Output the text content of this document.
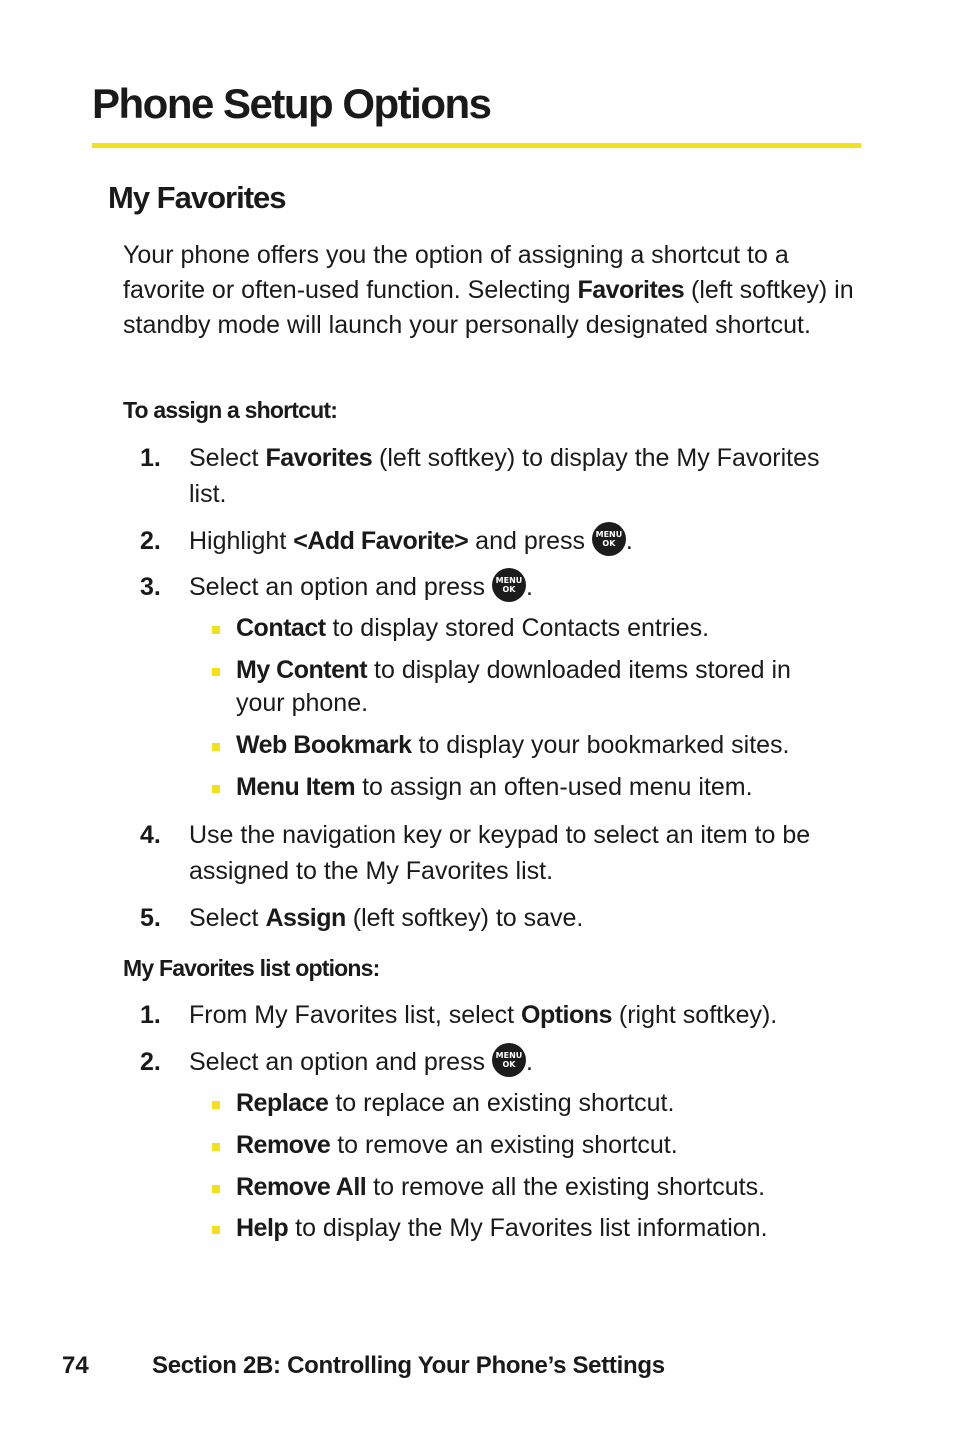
Phone Setup Options
My Favorites

Your phone offers you the option of assigning a shortcut to a favorite or often-used function. Selecting Favorites (left softkey) in standby mode will launch your personally designated shortcut.

To assign a shortcut:
1. Select Favorites (left softkey) to display the My Favorites list.
2. Highlight <Add Favorite> and press MENU
OK .
3. Select an option and press MENU
OK .
Contact to display stored Contacts entries.
My Content to display downloaded items stored in your phone.
Web Bookmark to display your bookmarked sites.
Menu Item to assign an often-used menu item.
4. Use the navigation key or keypad to select an item to be assigned to the My Favorites list.
5. Select Assign (left softkey) to save.
My Favorites list options:
1. From My Favorites list, select Options (right softkey).
2. Select an option and press MENU
OK .
Replace to replace an existing shortcut.
Remove to remove an existing shortcut.
Remove All to remove all the existing shortcuts.
Help to display the My Favorites list information.
74	Section 2B: Controlling Your Phone’s Settings
